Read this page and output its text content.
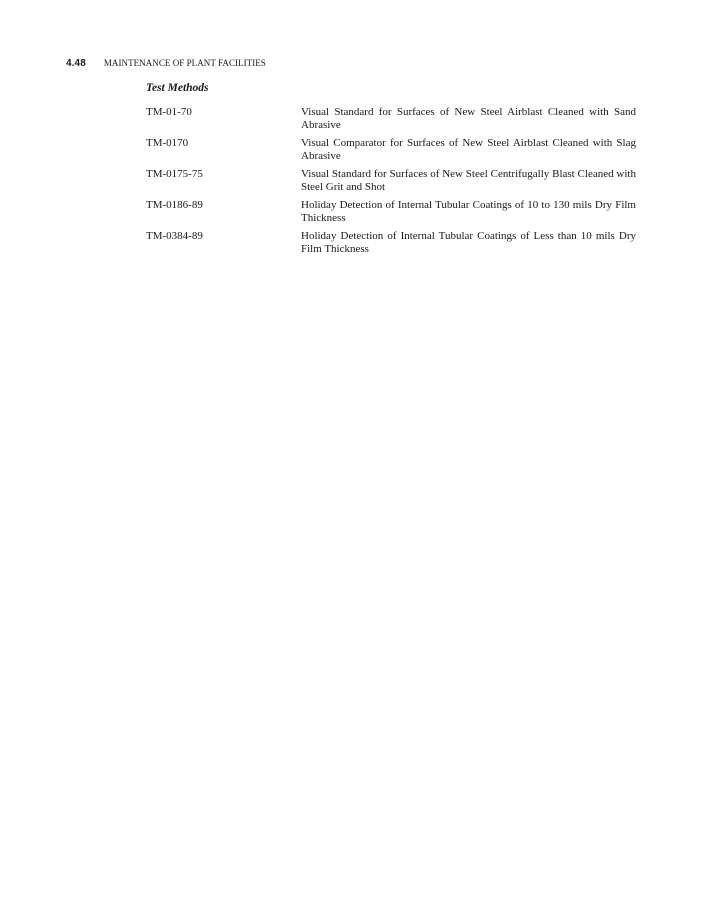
4.48 MAINTENANCE OF PLANT FACILITIES
Test Methods
TM-01-70	Visual Standard for Surfaces of New Steel Airblast Cleaned with Sand Abrasive
TM-0170	Visual Comparator for Surfaces of New Steel Airblast Cleaned with Slag Abrasive
TM-0175-75	Visual Standard for Surfaces of New Steel Centrifugally Blast Cleaned with Steel Grit and Shot
TM-0186-89	Holiday Detection of Internal Tubular Coatings of 10 to 130 mils Dry Film Thickness
TM-0384-89	Holiday Detection of Internal Tubular Coatings of Less than 10 mils Dry Film Thickness
